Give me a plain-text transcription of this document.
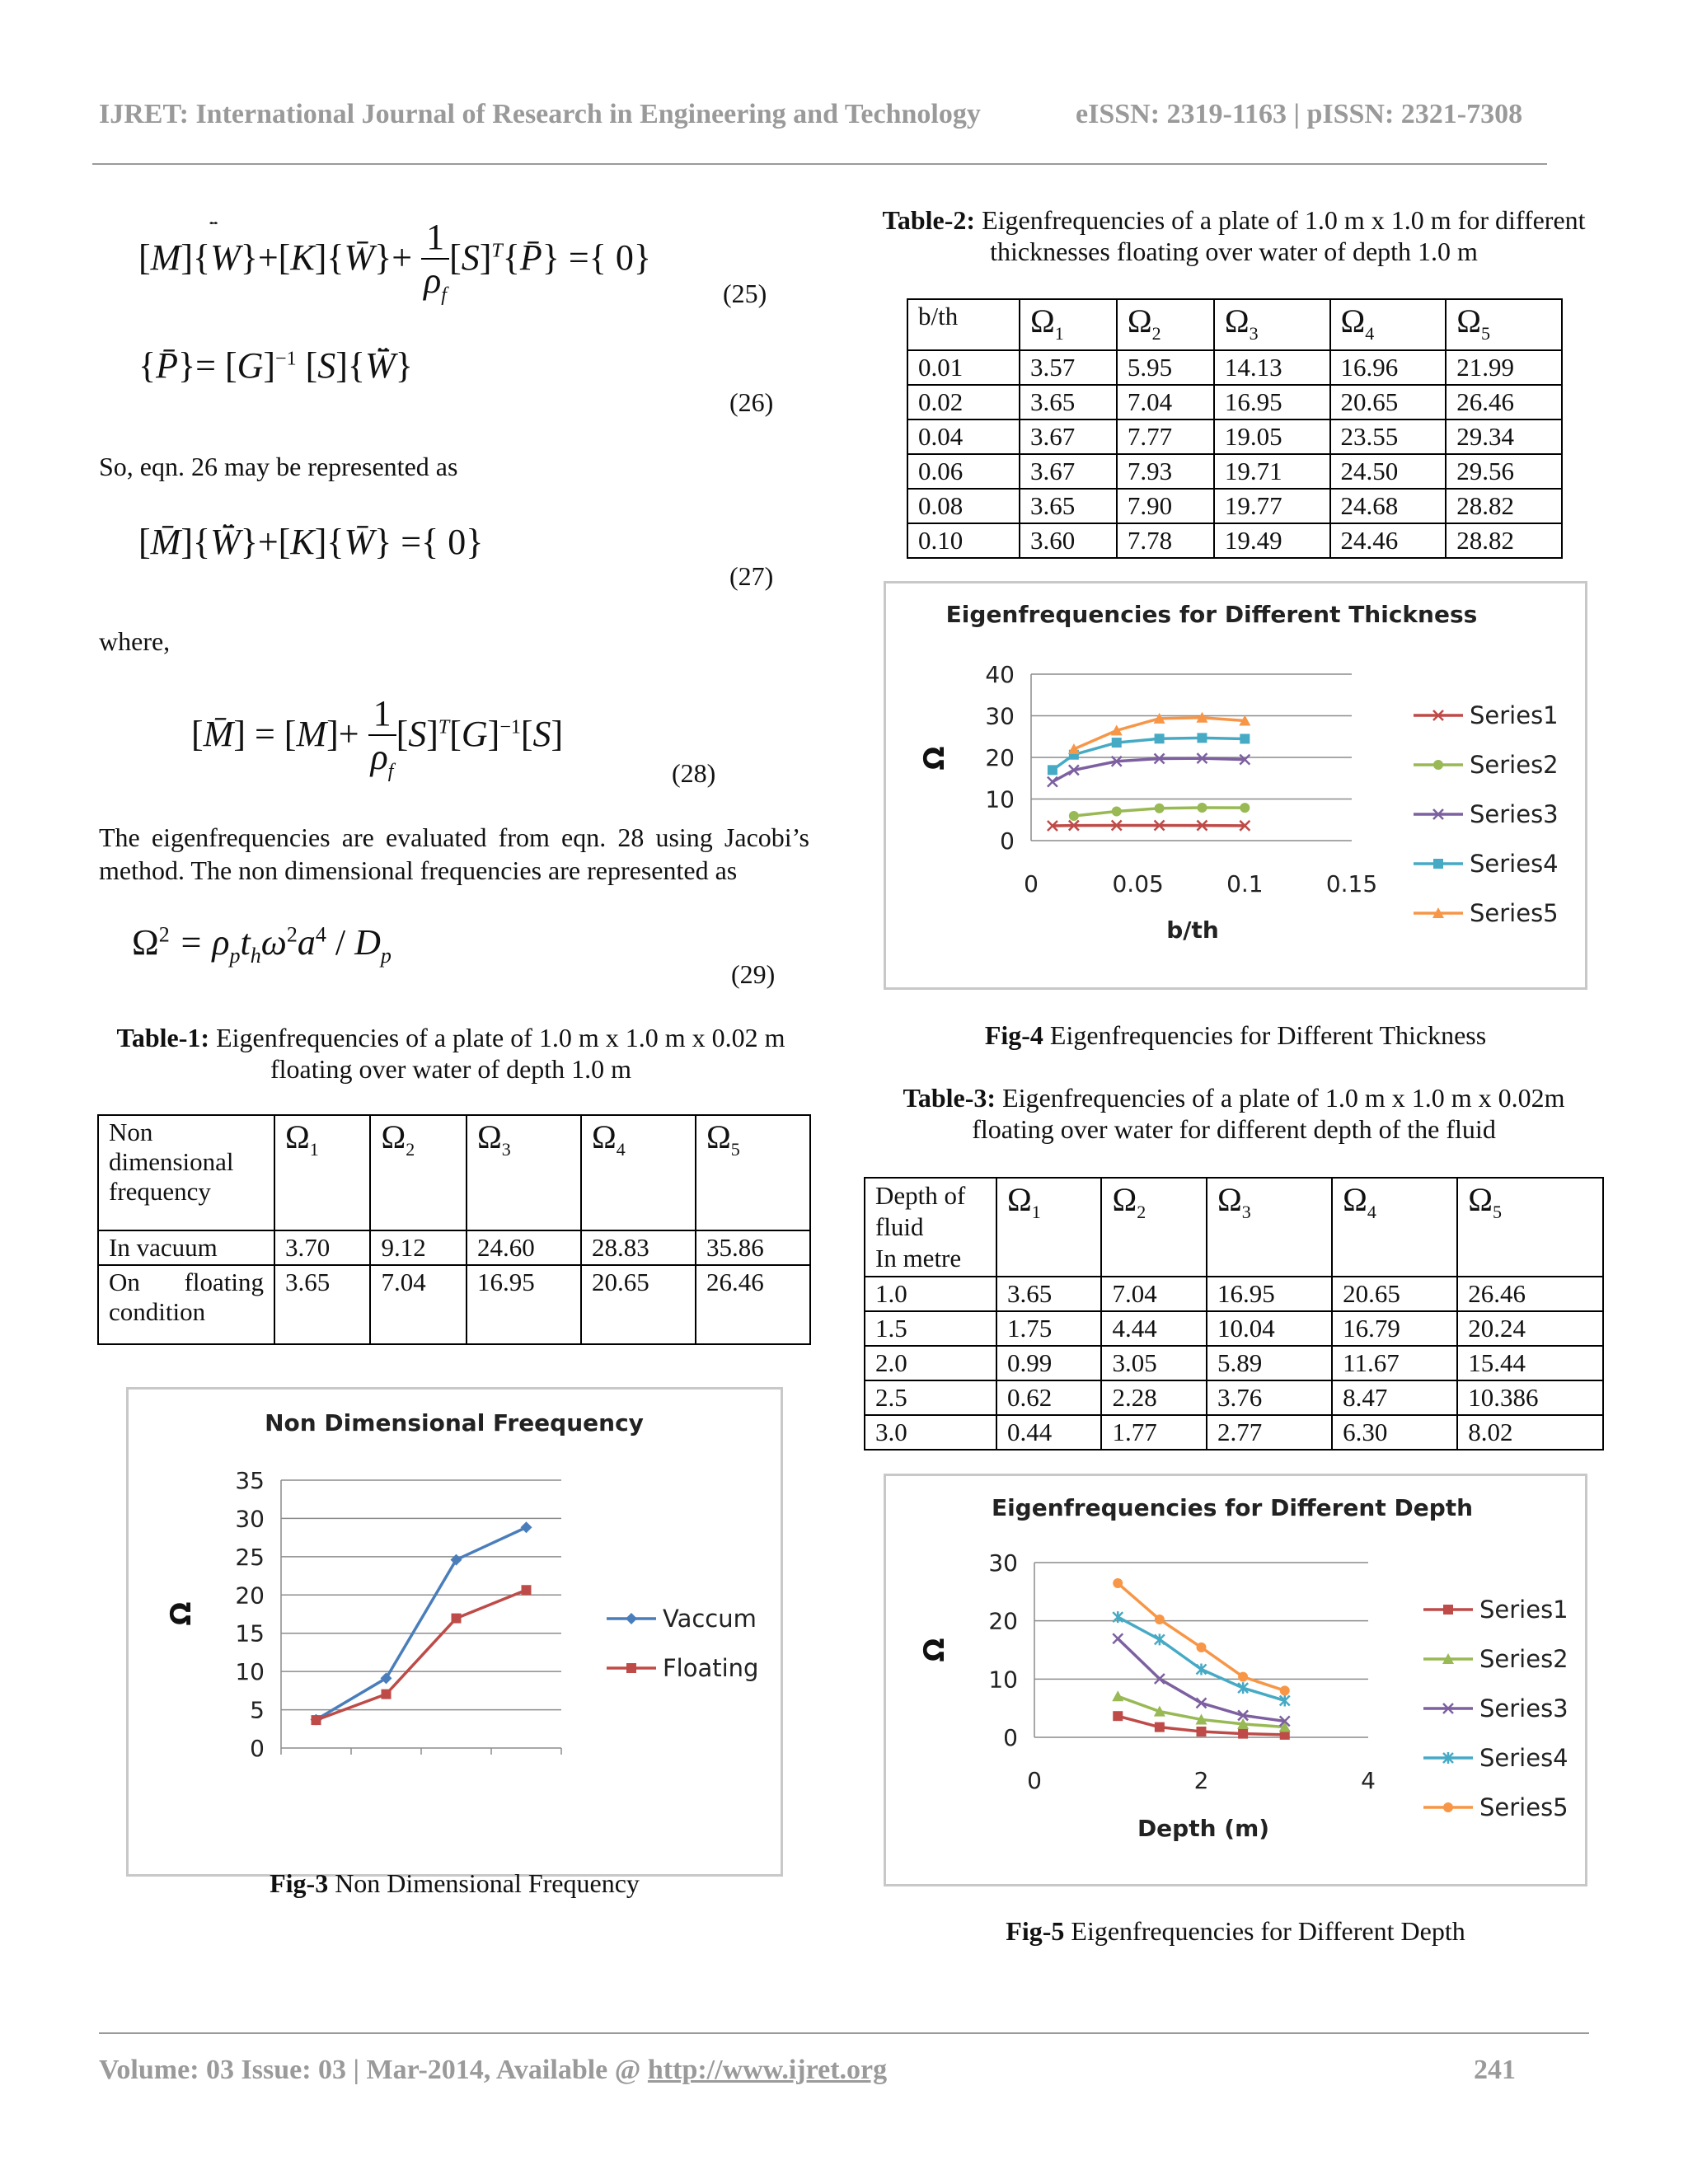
IJRET: International Journal of Research in Engineering and Technology	eISSN: 2319-1163 | pISSN: 2321-7308
[M]{W
}+[K]{W̄}+ $\frac{1}{\rho_f}$ $[S]^T\{P̄\}$ ={ 0}
(25)
{P̄}= $[G]^{-1}$ [S]{W̄̈}
(26)
So, eqn. 26 may be represented as
[M̄]{W̄̈}+[K]{W̄} ={ 0}
(27)
where,
[M̄] = $[M]+ \frac{1}{\rho_f} [S]^T[G]^{-1}[S]$
(28)
The eigenfrequencies are evaluated from eqn. 28 using Jacobi’s method. The non dimensional frequencies are represented as
$\Omega^2 = \rho_pt_h\omega^2a^4 / D_p$
(29)
Table-1: Eigenfrequencies of a plate of 1.0 m x 1.0 m x 0.02 m floating over water of depth 1.0 m
Non dimensional frequency	$\Omega_1$	$\Omega_2$	$\Omega_3$	$\Omega_4$	$\Omega_5$
In vacuum	3.70	9.12	24.60	28.83	35.86
On floating condition	3.65	7.04	16.95	20.65	26.46
Non Dimensional Freequency
Ω
0
5
10
15
20
25
30
35
Vaccum
Floating
Fig-3 Non Dimensional Frequency
Table-2: Eigenfrequencies of a plate of 1.0 m x 1.0 m for different thicknesses floating over water of depth 1.0 m
b/th	$\Omega_1$	$\Omega_2$	$\Omega_3$	$\Omega_4$	$\Omega_5$
0.01	3.57	5.95	14.13	16.96	21.99
0.02	3.65	7.04	16.95	20.65	26.46
0.04	3.67	7.77	19.05	23.55	29.34
0.06	3.67	7.93	19.71	24.50	29.56
0.08	3.65	7.90	19.77	24.68	28.82
0.10	3.60	7.78	19.49	24.46	28.82
Eigenfrequencies for Different Thickness
Ω
b/th
0
10
20
30
40
0	0.05	0.1	0.15
Series1
Series2
Series3
Series4
Series5
Fig-4 Eigenfrequencies for Different Thickness
Table-3: Eigenfrequencies of a plate of 1.0 m x 1.0 m x 0.02m floating over water for different depth of the fluid
Depth of fluid
In metre	$\Omega_1$	$\Omega_2$	$\Omega_3$	$\Omega_4$	$\Omega_5$
1.0	3.65	7.04	16.95	20.65	26.46
1.5	1.75	4.44	10.04	16.79	20.24
2.0	0.99	3.05	5.89	11.67	15.44
2.5	0.62	2.28	3.76	8.47	10.386
3.0	0.44	1.77	2.77	6.30	8.02
Eigenfrequencies for Different Depth
Ω
Depth (m)
0
10
20
30
0	2	4
Series1
Series2
Series3
Series4
Series5
Fig-5 Eigenfrequencies for Different Depth
Volume: 03 Issue: 03 | Mar-2014, Available @ http://www.ijret.org	241
